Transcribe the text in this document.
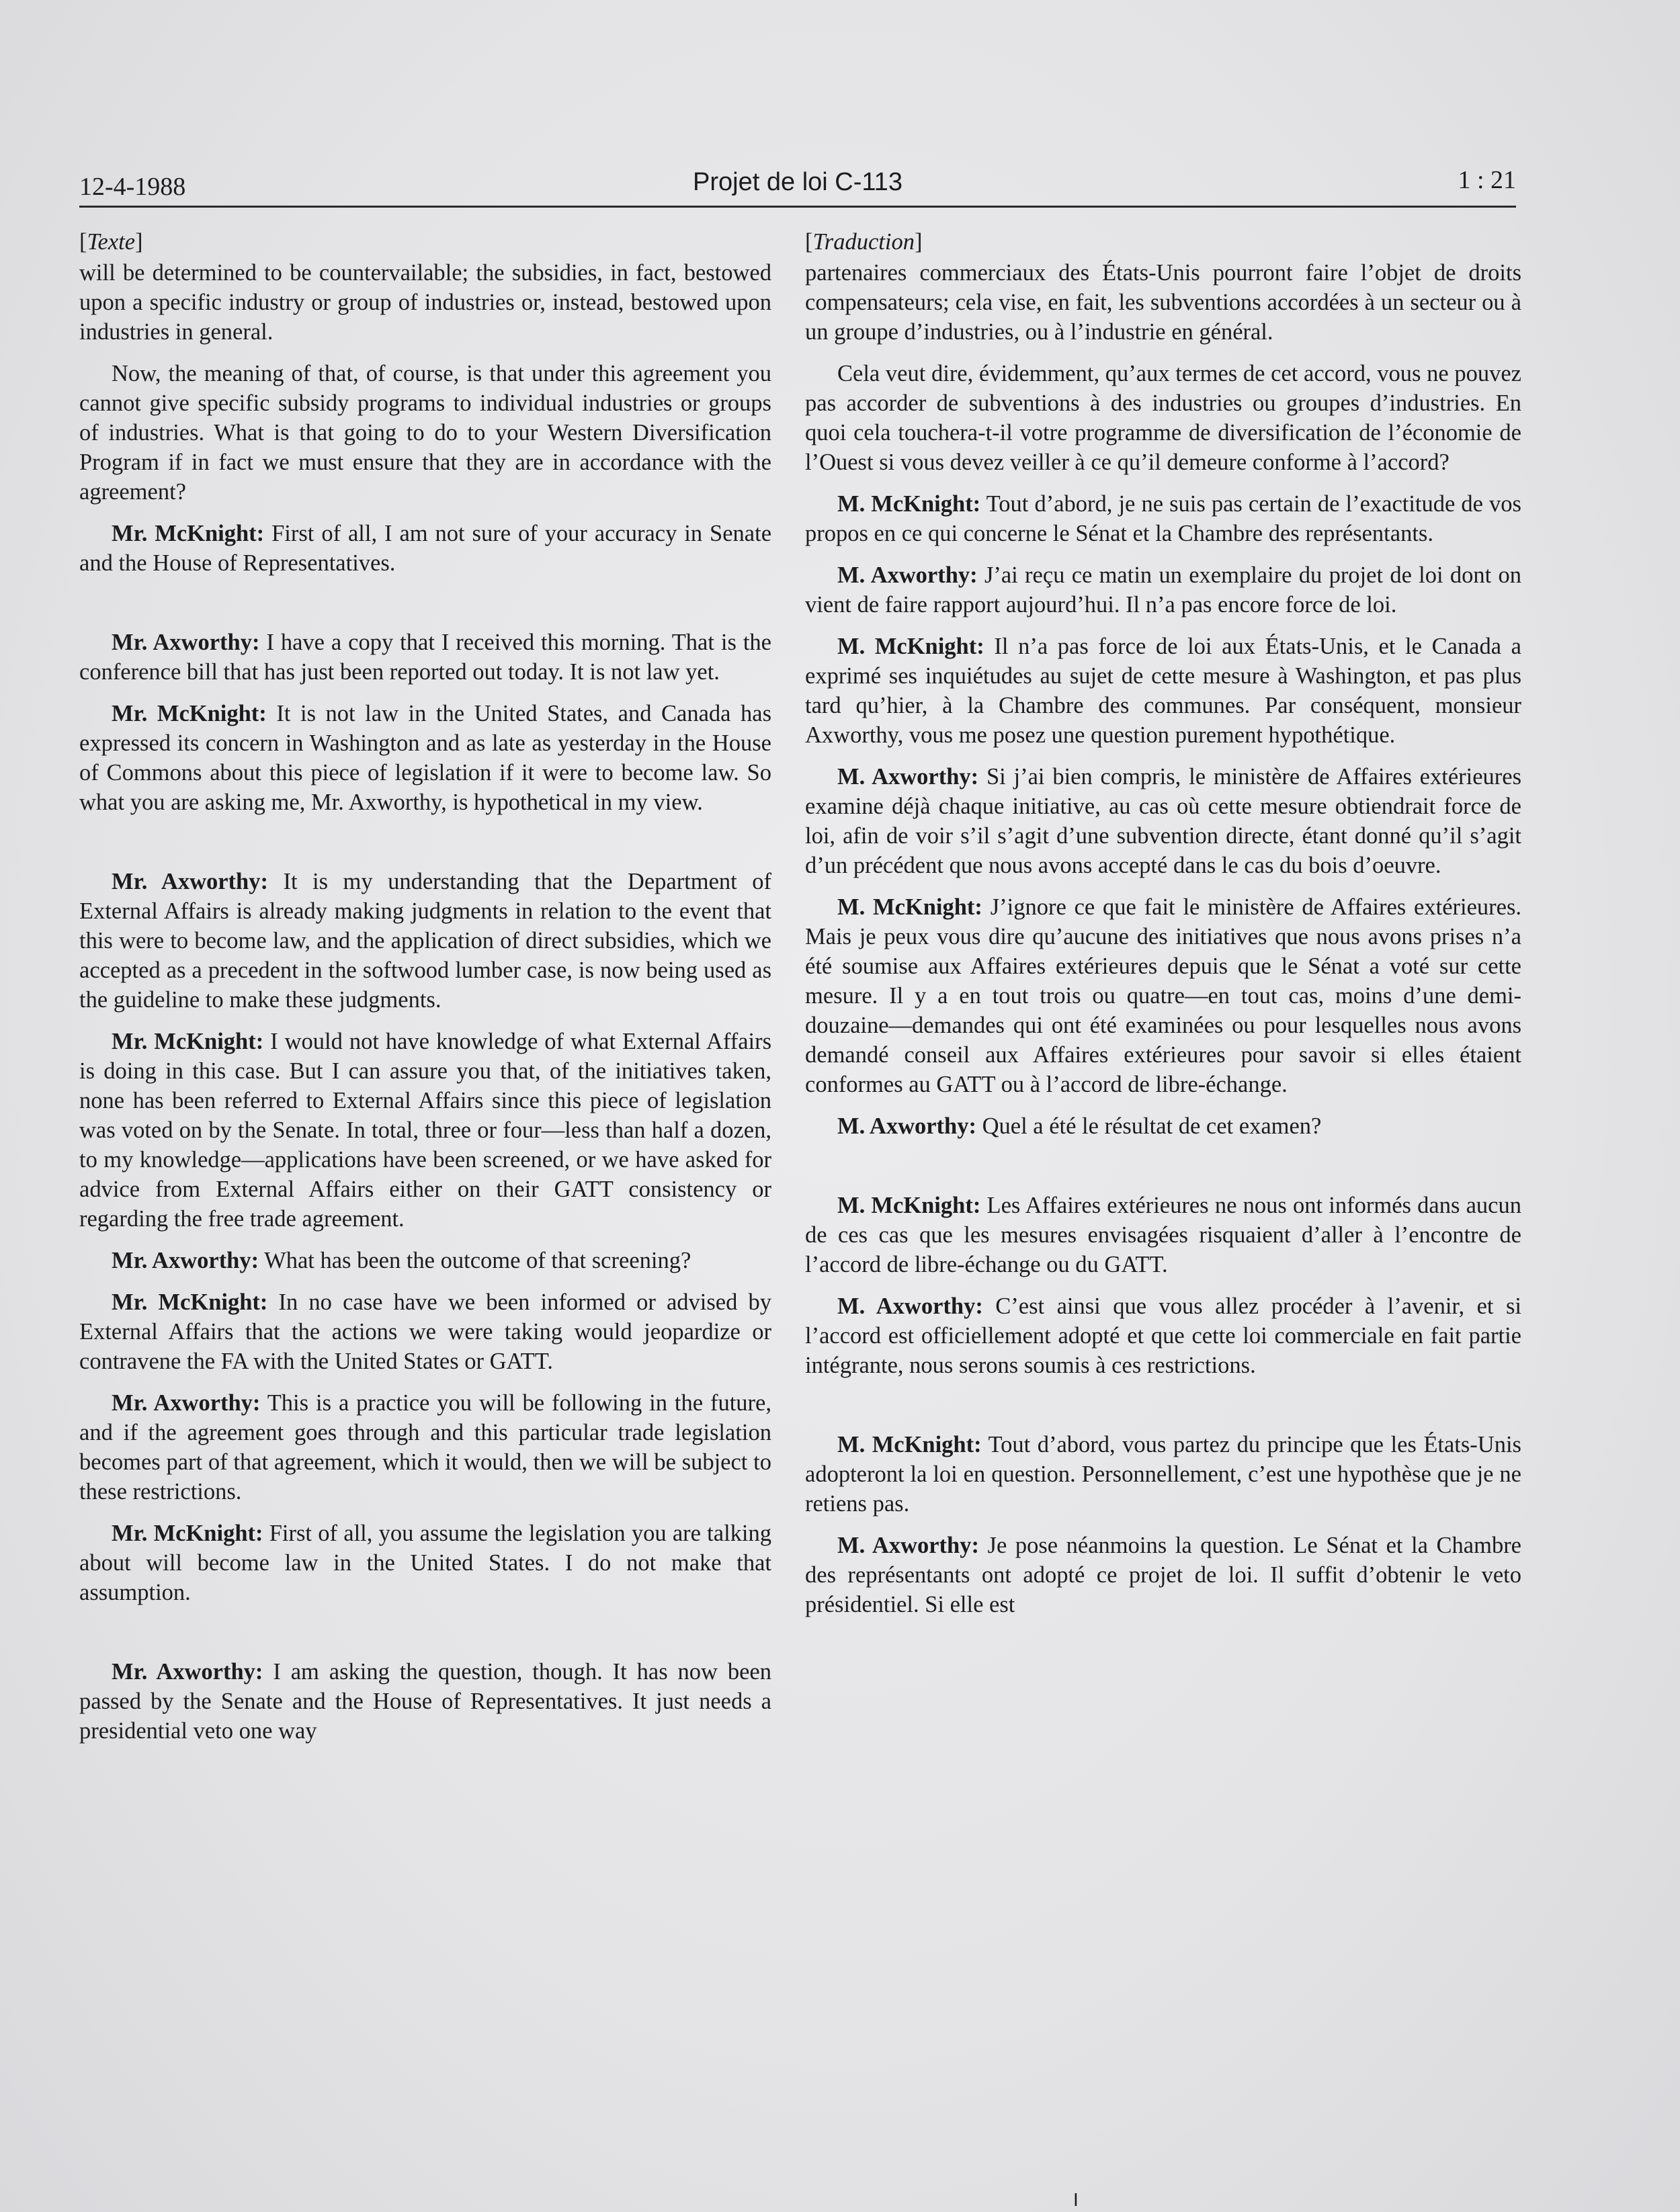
12-4-1988	Projet de loi C-113	1 : 21
[Texte]

will be determined to be countervailable; the subsidies, in fact, bestowed upon a specific industry or group of industries or, instead, bestowed upon industries in general.

Now, the meaning of that, of course, is that under this agreement you cannot give specific subsidy programs to individual industries or groups of industries. What is that going to do to your Western Diversification Program if in fact we must ensure that they are in accordance with the agreement?

Mr. McKnight: First of all, I am not sure of your accuracy in Senate and the House of Representatives.

Mr. Axworthy: I have a copy that I received this morning. That is the conference bill that has just been reported out today. It is not law yet.

Mr. McKnight: It is not law in the United States, and Canada has expressed its concern in Washington and as late as yesterday in the House of Commons about this piece of legislation if it were to become law. So what you are asking me, Mr. Axworthy, is hypothetical in my view.

Mr. Axworthy: It is my understanding that the Department of External Affairs is already making judgments in relation to the event that this were to become law, and the application of direct subsidies, which we accepted as a precedent in the softwood lumber case, is now being used as the guideline to make these judgments.

Mr. McKnight: I would not have knowledge of what External Affairs is doing in this case. But I can assure you that, of the initiatives taken, none has been referred to External Affairs since this piece of legislation was voted on by the Senate. In total, three or four—less than half a dozen, to my knowledge—applications have been screened, or we have asked for advice from External Affairs either on their GATT consistency or regarding the free trade agreement.

Mr. Axworthy: What has been the outcome of that screening?

Mr. McKnight: In no case have we been informed or advised by External Affairs that the actions we were taking would jeopardize or contravene the FA with the United States or GATT.

Mr. Axworthy: This is a practice you will be following in the future, and if the agreement goes through and this particular trade legislation becomes part of that agreement, which it would, then we will be subject to these restrictions.

Mr. McKnight: First of all, you assume the legislation you are talking about will become law in the United States. I do not make that assumption.

Mr. Axworthy: I am asking the question, though. It has now been passed by the Senate and the House of Representatives. It just needs a presidential veto one way

[Traduction]

partenaires commerciaux des États-Unis pourront faire l’objet de droits compensateurs; cela vise, en fait, les subventions accordées à un secteur ou à un groupe d’industries, ou à l’industrie en général.

Cela veut dire, évidemment, qu’aux termes de cet accord, vous ne pouvez pas accorder de subventions à des industries ou groupes d’industries. En quoi cela touchera-t-il votre programme de diversification de l’économie de l’Ouest si vous devez veiller à ce qu’il demeure conforme à l’accord?

M. McKnight: Tout d’abord, je ne suis pas certain de l’exactitude de vos propos en ce qui concerne le Sénat et la Chambre des représentants.

M. Axworthy: J’ai reçu ce matin un exemplaire du projet de loi dont on vient de faire rapport aujourd’hui. Il n’a pas encore force de loi.

M. McKnight: Il n’a pas force de loi aux États-Unis, et le Canada a exprimé ses inquiétudes au sujet de cette mesure à Washington, et pas plus tard qu’hier, à la Chambre des communes. Par conséquent, monsieur Axworthy, vous me posez une question purement hypothétique.

M. Axworthy: Si j’ai bien compris, le ministère de Affaires extérieures examine déjà chaque initiative, au cas où cette mesure obtiendrait force de loi, afin de voir s’il s’agit d’une subvention directe, étant donné qu’il s’agit d’un précédent que nous avons accepté dans le cas du bois d’oeuvre.

M. McKnight: J’ignore ce que fait le ministère de Affaires extérieures. Mais je peux vous dire qu’aucune des initiatives que nous avons prises n’a été soumise aux Affaires extérieures depuis que le Sénat a voté sur cette mesure. Il y a en tout trois ou quatre—en tout cas, moins d’une demi-douzaine—demandes qui ont été examinées ou pour lesquelles nous avons demandé conseil aux Affaires extérieures pour savoir si elles étaient conformes au GATT ou à l’accord de libre-échange.

M. Axworthy: Quel a été le résultat de cet examen?

M. McKnight: Les Affaires extérieures ne nous ont informés dans aucun de ces cas que les mesures envisagées risquaient d’aller à l’encontre de l’accord de libre-échange ou du GATT.

M. Axworthy: C’est ainsi que vous allez procéder à l’avenir, et si l’accord est officiellement adopté et que cette loi commerciale en fait partie intégrante, nous serons soumis à ces restrictions.

M. McKnight: Tout d’abord, vous partez du principe que les États-Unis adopteront la loi en question. Personnellement, c’est une hypothèse que je ne retiens pas.

M. Axworthy: Je pose néanmoins la question. Le Sénat et la Chambre des représentants ont adopté ce projet de loi. Il suffit d’obtenir le veto présidentiel. Si elle est

I
